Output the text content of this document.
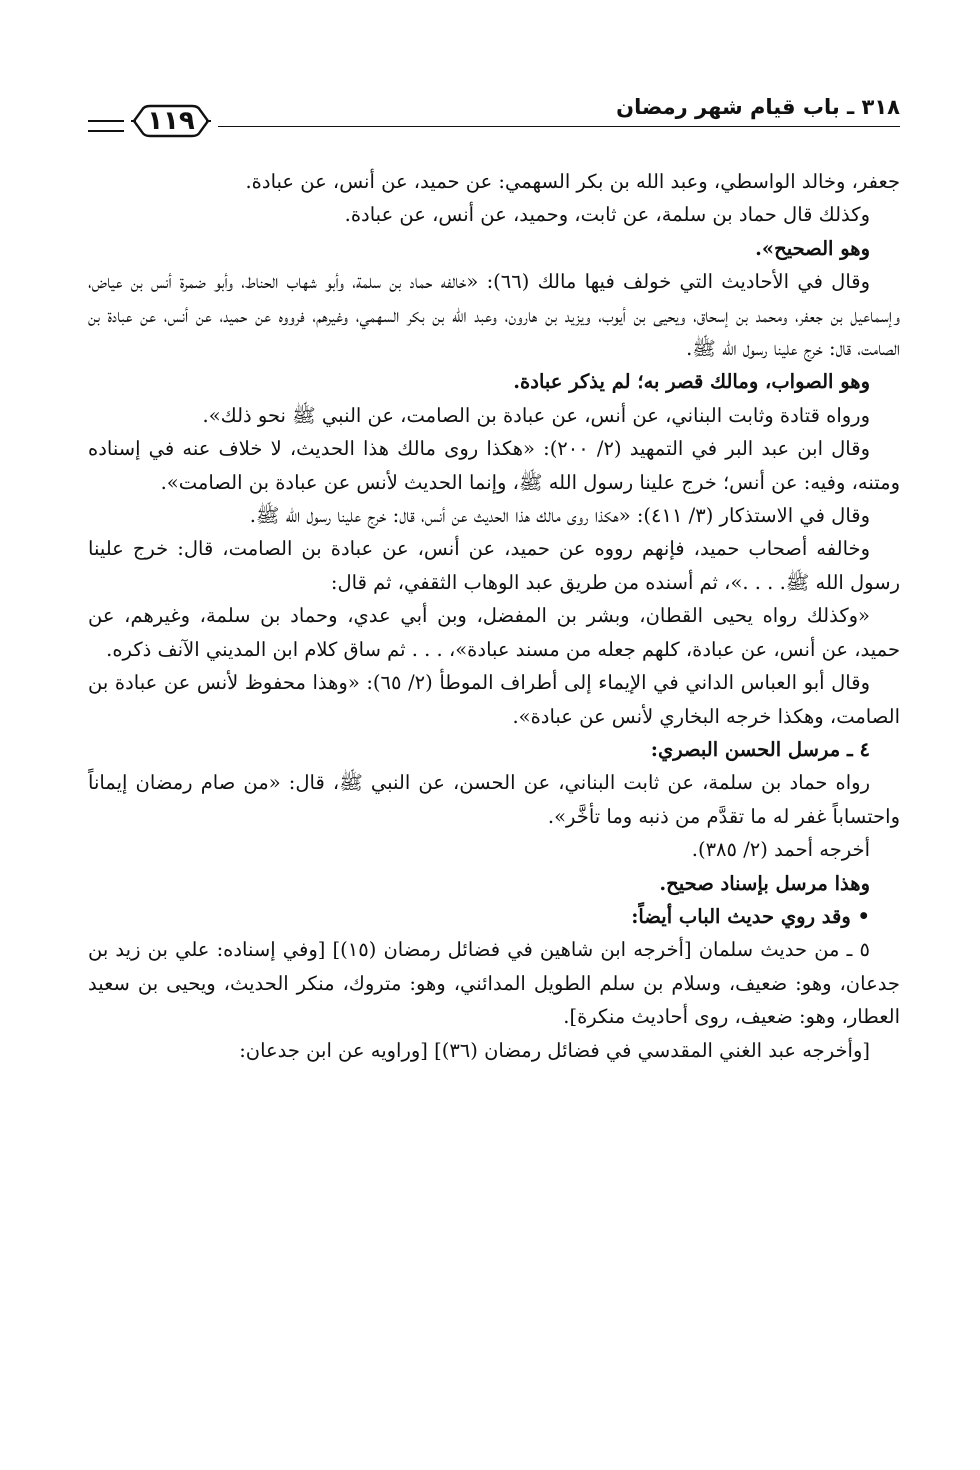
٣١٨ ـ باب قيام شهر رمضان
١١٩

جعفر، وخالد الواسطي، وعبد الله بن بكر السهمي: عن حميد، عن أنس، عن عبادة.

وكذلك قال حماد بن سلمة، عن ثابت، وحميد، عن أنس، عن عبادة.

وهو الصحيح».

وقال في الأحاديث التي خولف فيها مالك (٦٦): «خالفه حماد بن سلمة، وأبو شهاب الحناط، وأبو ضمرة أنس بن عياض، وإسماعيل بن جعفر، ومحمد بن إسحاق، ويحيى بن أيوب، ويزيد بن هارون، وعبد الله بن بكر السهمي، وغيرهم، فرووه عن حميد، عن أنس، عن عبادة بن الصامت، قال: خرج علينا رسول الله ﷺ.

وهو الصواب، ومالك قصر به؛ لم يذكر عبادة.

ورواه قتادة وثابت البناني، عن أنس، عن عبادة بن الصامت، عن النبي ﷺ نحو ذلك».

وقال ابن عبد البر في التمهيد (٢/ ٢٠٠): «هكذا روى مالك هذا الحديث، لا خلاف عنه في إسناده ومتنه، وفيه: عن أنس؛ خرج علينا رسول الله ﷺ، وإنما الحديث لأنس عن عبادة بن الصامت».

وقال في الاستذكار (٣/ ٤١١): «هكذا روى مالك هذا الحديث عن أنس، قال: خرج علينا رسول الله ﷺ.

وخالفه أصحاب حميد، فإنهم رووه عن حميد، عن أنس، عن عبادة بن الصامت، قال: خرج علينا رسول الله ﷺ. . . .»، ثم أسنده من طريق عبد الوهاب الثقفي، ثم قال:

«وكذلك رواه يحيى القطان، وبشر بن المفضل، وبن أبي عدي، وحماد بن سلمة، وغيرهم، عن حميد، عن أنس، عن عبادة، كلهم جعله من مسند عبادة»، . . . ثم ساق كلام ابن المديني الآنف ذكره.

وقال أبو العباس الداني في الإيماء إلى أطراف الموطأ (٢/ ٦٥): «وهذا محفوظ لأنس عن عبادة بن الصامت، وهكذا خرجه البخاري لأنس عن عبادة».

٤ ـ مرسل الحسن البصري:

رواه حماد بن سلمة، عن ثابت البناني، عن الحسن، عن النبي ﷺ، قال: «من صام رمضان إيماناً واحتساباً غفر له ما تقدَّم من ذنبه وما تأخَّر».

أخرجه أحمد (٢/ ٣٨٥).

وهذا مرسل بإسناد صحيح.

• وقد روي حديث الباب أيضاً:

٥ ـ من حديث سلمان [أخرجه ابن شاهين في فضائل رمضان (١٥)] [وفي إسناده: علي بن زيد بن جدعان، وهو: ضعيف، وسلام بن سلم الطويل المدائني، وهو: متروك، منكر الحديث، ويحيى بن سعيد العطار، وهو: ضعيف، روى أحاديث منكرة].

[وأخرجه عبد الغني المقدسي في فضائل رمضان (٣٦)] [وراويه عن ابن جدعان:
